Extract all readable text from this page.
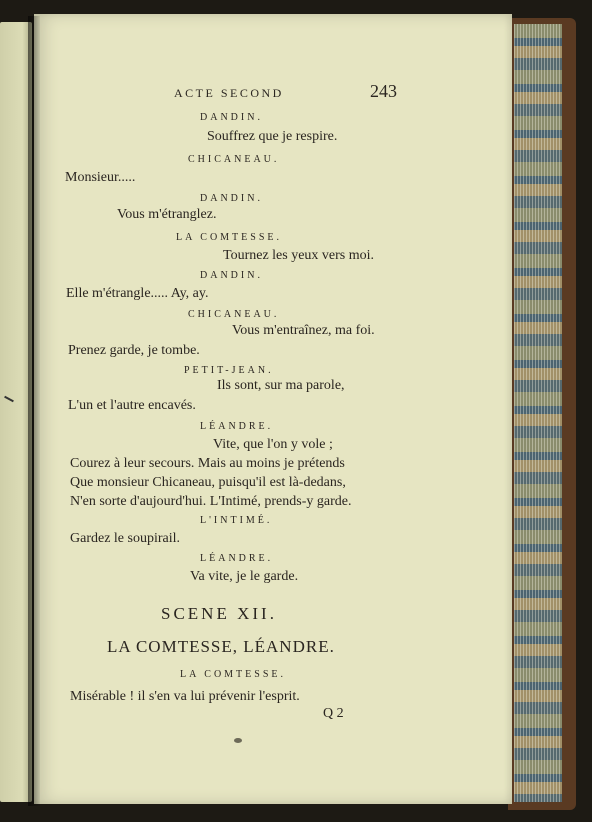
ACTE SECOND	243
DANDIN.
Souffrez que je respire.
CHICANEAU.
Monsieur.....
DANDIN.
Vous m'étranglez.
LA COMTESSE.
Tournez les yeux vers moi.
DANDIN.
Elle m'étrangle..... Ay, ay.
CHICANEAU.
Vous m'entraînez, ma foi.
Prenez garde, je tombe.
PETIT-JEAN.
Ils sont, sur ma parole,
L'un et l'autre encavés.
LÉANDRE.
Vite, que l'on y vole ;
Courez à leur secours. Mais au moins je prétends
Que monsieur Chicaneau, puisqu'il est là-dedans,
N'en sorte d'aujourd'hui. L'Intimé, prends-y garde.
L'INTIMÉ.
Gardez le soupirail.
LÉANDRE.
Va vite, je le garde.
SCENE XII.
LA COMTESSE, LÉANDRE.
LA COMTESSE.
Misérable ! il s'en va lui prévenir l'esprit.
Q 2
